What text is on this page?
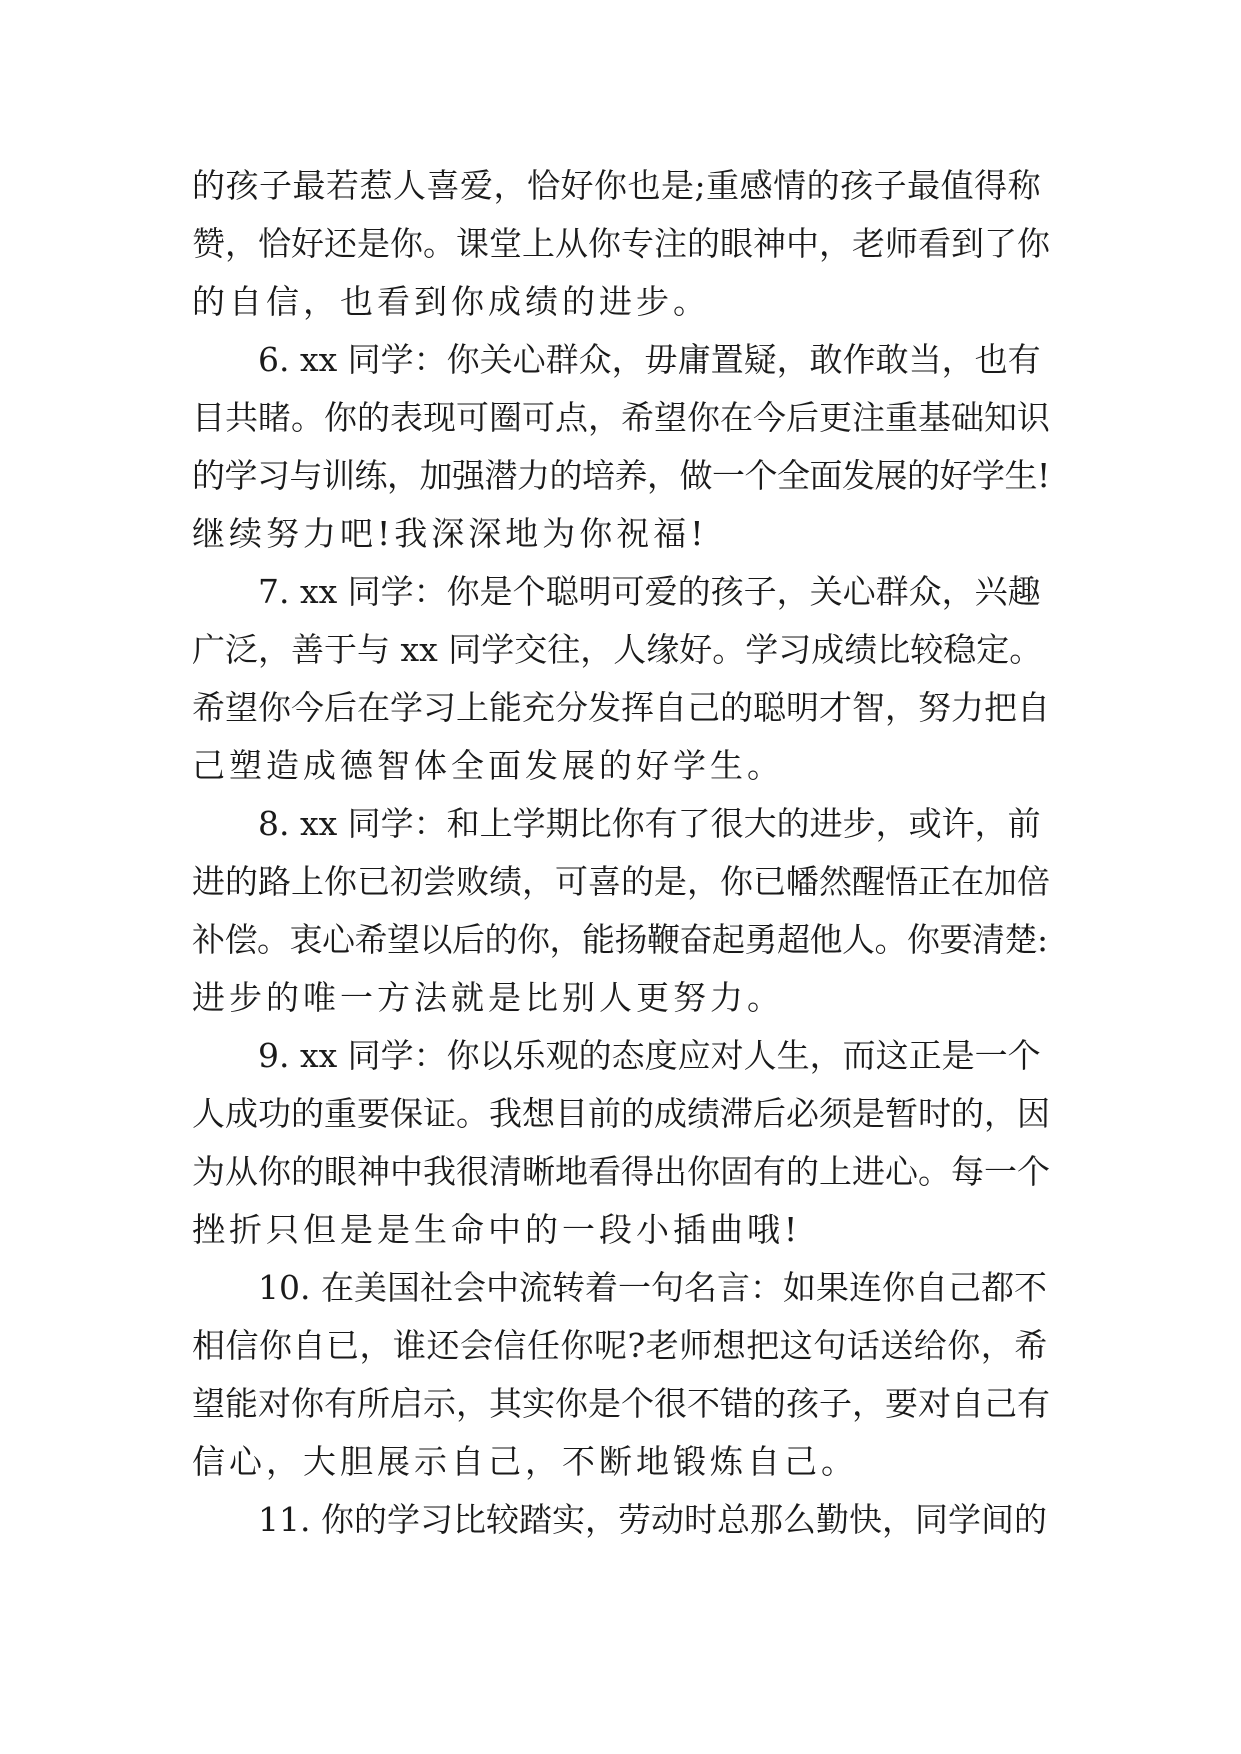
的孩子最若惹人喜爱，恰好你也是;重感情的孩子最值得称
赞，恰好还是你。课堂上从你专注的眼神中，老师看到了你
的自信，也看到你成绩的进步。
6. xx 同学：你关心群众，毋庸置疑，敢作敢当，也有
目共睹。你的表现可圈可点，希望你在今后更注重基础知识
的学习与训练，加强潜力的培养，做一个全面发展的好学生!
继续努力吧!我深深地为你祝福!
7. xx 同学：你是个聪明可爱的孩子，关心群众，兴趣
广泛，善于与 xx 同学交往，人缘好。学习成绩比较稳定。
希望你今后在学习上能充分发挥自己的聪明才智，努力把自
己塑造成德智体全面发展的好学生。
8. xx 同学：和上学期比你有了很大的进步，或许，前
进的路上你已初尝败绩，可喜的是，你已幡然醒悟正在加倍
补偿。衷心希望以后的你，能扬鞭奋起勇超他人。你要清楚:
进步的唯一方法就是比别人更努力。
9. xx 同学：你以乐观的态度应对人生，而这正是一个
人成功的重要保证。我想目前的成绩滞后必须是暂时的，因
为从你的眼神中我很清晰地看得出你固有的上进心。每一个
挫折只但是是生命中的一段小插曲哦!
10. 在美国社会中流转着一句名言：如果连你自己都不
相信你自已，谁还会信任你呢?老师想把这句话送给你，希
望能对你有所启示，其实你是个很不错的孩子，要对自己有
信心，大胆展示自己，不断地锻炼自己。
11. 你的学习比较踏实，劳动时总那么勤快，同学间的
